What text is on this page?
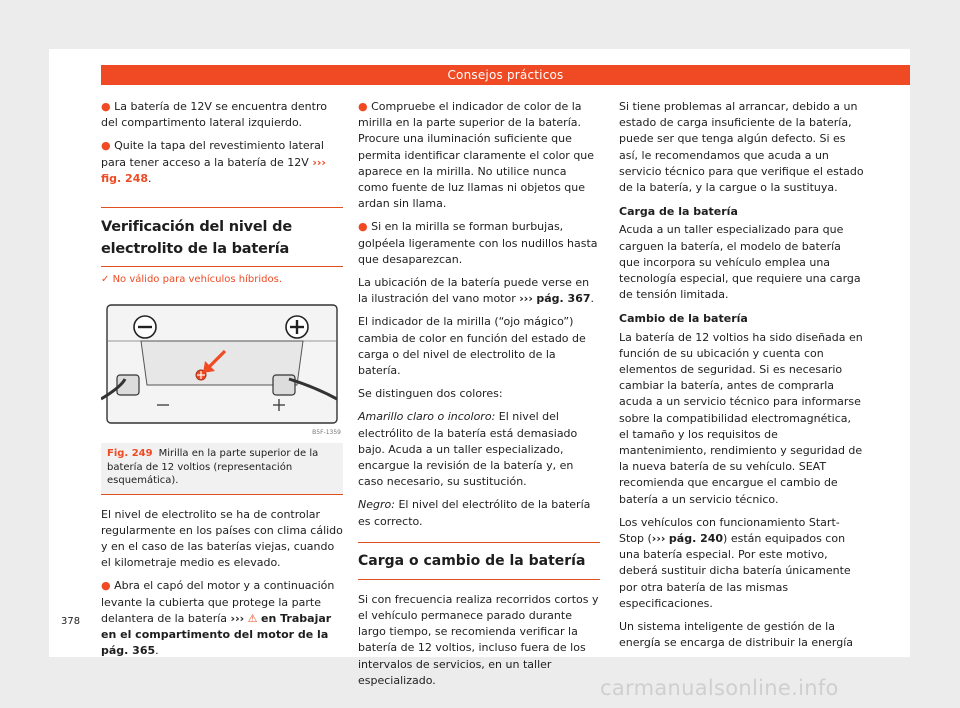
Consejos prácticos

● La batería de 12V se encuentra dentro del compartimento lateral izquierdo.

● Quite la tapa del revestimiento lateral para tener acceso a la batería de 12V ››› fig. 248.

Verificación del nivel de electrolito de la batería
✓ No válido para vehículos híbridos.
B5F-1359
Fig. 249 Mirilla en la parte superior de la batería de 12 voltios (representación esquemática).

El nivel de electrolito se ha de controlar regularmente en los países con clima cálido y en el caso de las baterías viejas, cuando el kilometraje medio es elevado.

● Abra el capó del motor y a continuación levante la cubierta que protege la parte delantera de la batería ››› ⚠ en Trabajar en el compartimento del motor de la pág. 365.

● Compruebe el indicador de color de la mirilla en la parte superior de la batería. Procure una iluminación suficiente que permita identificar claramente el color que aparece en la mirilla. No utilice nunca como fuente de luz llamas ni objetos que ardan sin llama.

● Si en la mirilla se forman burbujas, golpéela ligeramente con los nudillos hasta que desaparezcan.

La ubicación de la batería puede verse en la ilustración del vano motor ››› pág. 367.

El indicador de la mirilla (“ojo mágico”) cambia de color en función del estado de carga o del nivel de electrolito de la batería.

Se distinguen dos colores:

Amarillo claro o incoloro: El nivel del electrólito de la batería está demasiado bajo. Acuda a un taller especializado, encargue la revisión de la batería y, en caso necesario, su sustitución.
Negro: El nivel del electrólito de la batería es correcto.
Carga o cambio de la batería

Si con frecuencia realiza recorridos cortos y el vehículo permanece parado durante largo tiempo, se recomienda verificar la batería de 12 voltios, incluso fuera de los intervalos de servicios, en un taller especializado.

Si tiene problemas al arrancar, debido a un estado de carga insuficiente de la batería, puede ser que tenga algún defecto. Si es así, le recomendamos que acuda a un servicio técnico para que verifique el estado de la batería, y la cargue o la sustituya.

Carga de la batería

Acuda a un taller especializado para que carguen la batería, el modelo de batería que incorpora su vehículo emplea una tecnología especial, que requiere una carga de tensión limitada.

Cambio de la batería

La batería de 12 voltios ha sido diseñada en función de su ubicación y cuenta con elementos de seguridad. Si es necesario cambiar la batería, antes de comprarla acuda a un servicio técnico para informarse sobre la compatibilidad electromagnética, el tamaño y los requisitos de mantenimiento, rendimiento y seguridad de la nueva batería de su vehículo. SEAT recomienda que encargue el cambio de batería a un servicio técnico.

Los vehículos con funcionamiento Start-Stop (››› pág. 240) están equipados con una batería especial. Por este motivo, deberá sustituir dicha batería únicamente por otra batería de las mismas especificaciones.

Un sistema inteligente de gestión de la energía se encarga de distribuir la energía

378
carmanualsonline.info
